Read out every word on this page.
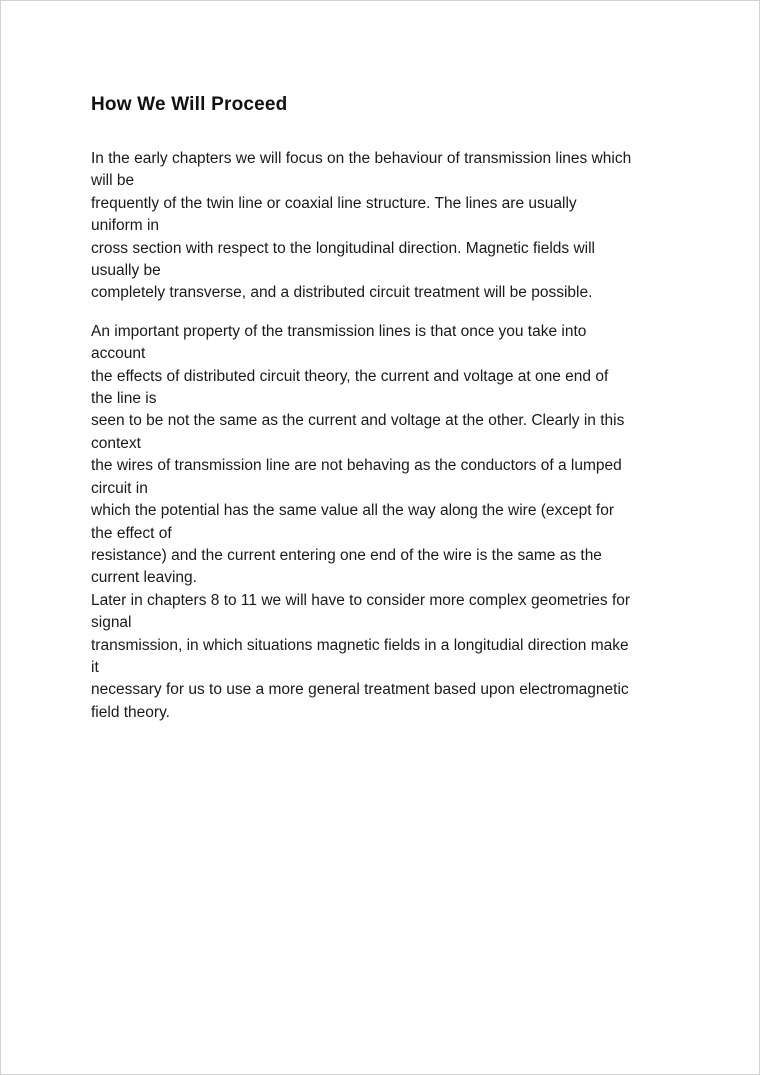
How We Will Proceed

In the early chapters we will focus on the behaviour of transmission lines which
will be
frequently of the twin line or coaxial line structure. The lines are usually
uniform in
cross section with respect to the longitudinal direction. Magnetic fields will
usually be
completely transverse, and a distributed circuit treatment will be possible.

An important property of the transmission lines is that once you take into
account
the effects of distributed circuit theory, the current and voltage at one end of
the line is
seen to be not the same as the current and voltage at the other. Clearly in this
context
the wires of transmission line are not behaving as the conductors of a lumped
circuit in
which the potential has the same value all the way along the wire (except for
the effect of
resistance) and the current entering one end of the wire is the same as the
current leaving.
Later in chapters 8 to 11 we will have to consider more complex geometries for
signal
transmission, in which situations magnetic fields in a longitudial direction make
it
necessary for us to use a more general treatment based upon electromagnetic
field theory.
